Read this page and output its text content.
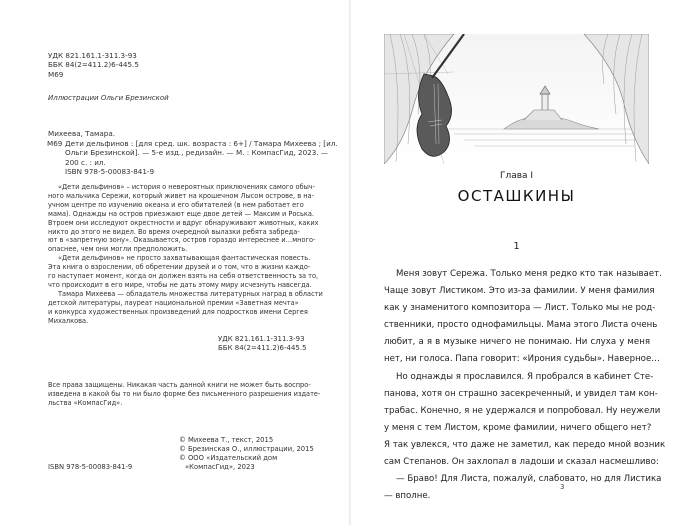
УДК 821.161.1-311.3-93
ББК 84(2=411.2)6-445.5
М69
Иллюстрации Ольги Брезинской
Михеева, Тамара.
М69 Дети дельфинов : [для сред. шк. возраста : 6+] / Тамара Михеева ; [ил.
Ольги Брезинской]. — 5-е изд., редизайн. — М. : КомпасГид, 2023. —
200 с. : ил.
ISBN 978-5-00083-841-9
«Дети дельфинов» – история о невероятных приключениях самого обыч-
ного мальчика Сережи, который живет на крошечном Лысом острове, в на-
учном центре по изучению океана и его обитателей (в нем работает его
мама). Однажды на остров приезжают еще двое детей — Максим и Роська.
Втроем они исследуют окрестности и вдруг обнаруживают животных, каких
никто до этого не видел. Во время очередной вылазки ребята забреда-
ют в «запретную зону». Оказывается, остров гораздо интереснее и…много-
опаснее, чем они могли предположить.
«Дети дельфинов» не просто захватывающая фантастическая повесть.
Эта книга о взрослении, об обретении друзей и о том, что в жизни каждо-
го наступает момент, когда он должен взять на себя ответственность за то,
что происходит в его мире, чтобы не дать этому миру исчезнуть навсегда.
Тамара Михеева — обладатель множества литературных наград в области
детской литературы, лауреат национальной премии «Заветная мечта»
и конкурса художественных произведений для подростков имени Сергея
Михалкова.
УДК 821.161.1-311.3-93
ББК 84(2=411.2)6-445.5
Все права защищены. Никакая часть данной книги не может быть воспро-
изведена в какой бы то ни было форме без письменного разрешения издате-
льства «КомпасГид».
© Михеева Т., текст, 2015
© Брезинская О., иллюстрации, 2015
© ООО «Издательский дом
«КомпасГид», 2023
ISBN 978-5-00083-841-9
Глава I
ОСТАШКИНЫ
1
Меня зовут Сережа. Только меня редко кто так называет.
Чаще зовут Листиком. Это из-за фамилии. У меня фамилия
как у знаменитого композитора — Лист. Только мы не род-
ственники, просто однофамильцы. Мама этого Листа очень
любит, а я в музыке ничего не понимаю. Ни слуха у меня
нет, ни голоса. Папа говорит: «Ирония судьбы». Наверное…
Но однажды я прославился. Я пробрался в кабинет Сте-
панова, хотя он страшно засекреченный, и увидел там кон-
трабас. Конечно, я не удержался и попробовал. Ну неужели
у меня с тем Листом, кроме фамилии, ничего общего нет?
Я так увлекся, что даже не заметил, как передо мной возник
сам Степанов. Он захлопал в ладоши и сказал насмешливо:
— Браво! Для Листа, пожалуй, слабовато, но для Листика
— вполне.
3
